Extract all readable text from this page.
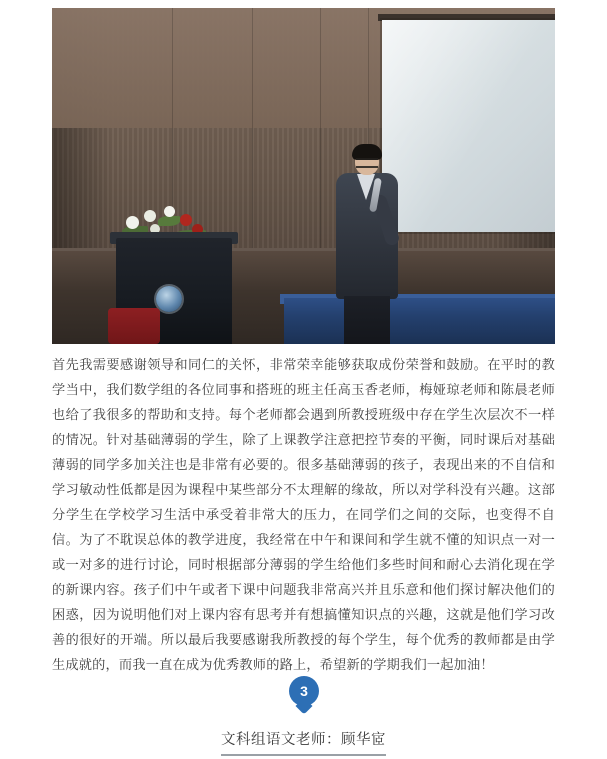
首先我需要感谢领导和同仁的关怀，非常荣幸能够获取成份荣誉和鼓励。在平时的教学当中，我们数学组的各位同事和搭班的班主任高玉香老师，梅娅琼老师和陈晨老师也给了我很多的帮助和支持。每个老师都会遇到所教授班级中存在学生次层次不一样的情况。针对基础薄弱的学生，除了上课教学注意把控节奏的平衡，同时课后对基础薄弱的同学多加关注也是非常有必要的。很多基础薄弱的孩子，表现出来的不自信和学习敏动性低都是因为课程中某些部分不太理解的缘故，所以对学科没有兴趣。这部分学生在学校学习生活中承受着非常大的压力，在同学们之间的交际，也变得不自信。为了不耽误总体的教学进度，我经常在中午和课间和学生就不懂的知识点一对一或一对多的进行讨论，同时根据部分薄弱的学生给他们多些时间和耐心去消化现在学的新课内容。孩子们中午或者下课中问题我非常高兴并且乐意和他们探讨解决他们的困惑，因为说明他们对上课内容有思考并有想搞懂知识点的兴趣，这就是他们学习改善的很好的开端。所以最后我要感谢我所教授的每个学生，每个优秀的教师都是由学生成就的，而我一直在成为优秀教师的路上，希望新的学期我们一起加油！
3
文科组语文老师：顾华宧
